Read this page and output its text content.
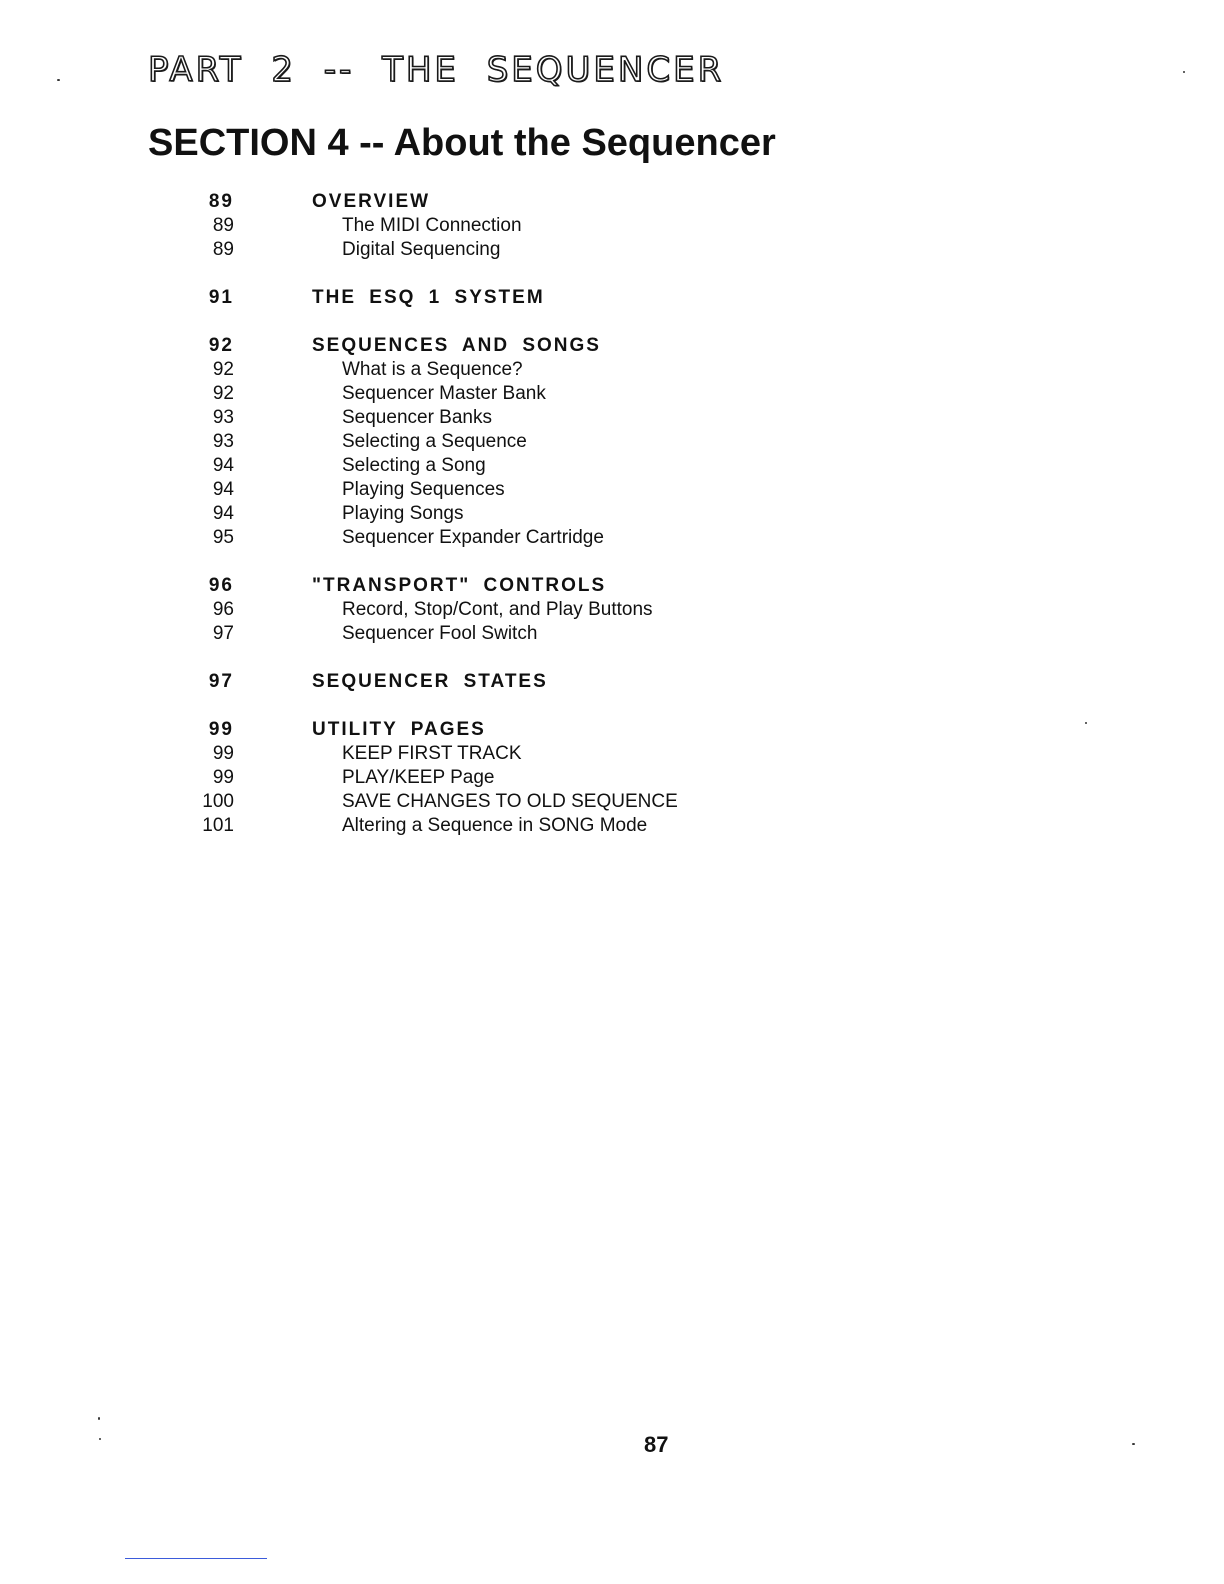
PART 2 -- THE SEQUENCER
SECTION 4 -- About the Sequencer
89	OVERVIEW
89	The MIDI Connection
89	Digital Sequencing
91	THE ESQ 1 SYSTEM
92	SEQUENCES AND SONGS
92	What is a Sequence?
92	Sequencer Master Bank
93	Sequencer Banks
93	Selecting a Sequence
94	Selecting a Song
94	Playing Sequences
94	Playing Songs
95	Sequencer Expander Cartridge
96	"TRANSPORT" CONTROLS
96	Record, Stop/Cont, and Play Buttons
97	Sequencer Fool Switch
97	SEQUENCER STATES
99	UTILITY PAGES
99	KEEP FIRST TRACK
99	PLAY/KEEP Page
100	SAVE CHANGES TO OLD SEQUENCE
101	Altering a Sequence in SONG Mode
87
